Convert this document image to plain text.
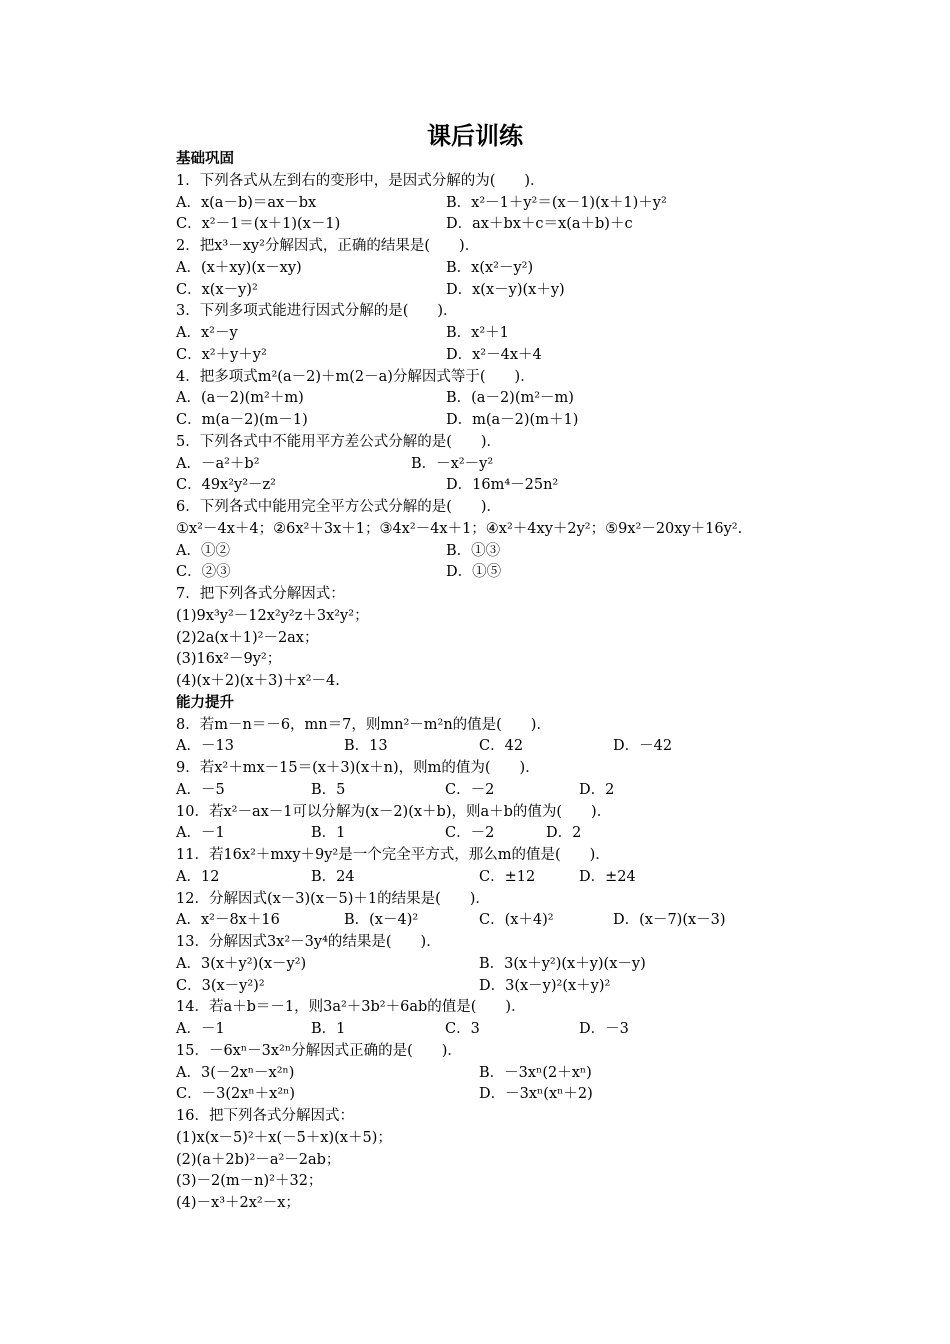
课后训练
基础巩固
1．下列各式从左到右的变形中，是因式分解的为(　　)．
A．x(a－b)＝ax－bx	B．x²－1＋y²＝(x－1)(x＋1)＋y²
C．x²－1＝(x＋1)(x－1)	D．ax＋bx＋c＝x(a＋b)＋c
2．把x³－xy²分解因式，正确的结果是(　　)．
A．(x＋xy)(x－xy)	B．x(x²－y²)
C．x(x－y)²	D．x(x－y)(x＋y)
3．下列多项式能进行因式分解的是(　　)．
A．x²－y	B．x²＋1
C．x²＋y＋y²	D．x²－4x＋4
4．把多项式m²(a－2)＋m(2－a)分解因式等于(　　)．
A．(a－2)(m²＋m)	B．(a－2)(m²－m)
C．m(a－2)(m－1)	D．m(a－2)(m＋1)
5．下列各式中不能用平方差公式分解的是(　　)．
A．－a²＋b²	B．－x²－y²
C．49x²y²－z²	D．16m⁴－25n²
6．下列各式中能用完全平方公式分解的是(　　)．
①x²－4x＋4；②6x²＋3x＋1；③4x²－4x＋1；④x²＋4xy＋2y²；⑤9x²－20xy＋16y².
A．①②	B．①③
C．②③	D．①⑤
7．把下列各式分解因式：
(1)9x³y²－12x²y²z＋3x²y²；
(2)2a(x＋1)²－2ax；
(3)16x²－9y²；
(4)(x＋2)(x＋3)＋x²－4.
能力提升
8．若m－n＝－6，mn＝7，则mn²－m²n的值是(　　)．
A．－13	B．13	C．42	D．－42
9．若x²＋mx－15＝(x＋3)(x＋n)，则m的值为(　　)．
A．－5	B．5	C．－2	D．2
10．若x²－ax－1可以分解为(x－2)(x＋b)，则a＋b的值为(　　)．
A．－1	B．1	C．－2	D．2
11．若16x²＋mxy＋9y²是一个完全平方式，那么m的值是(　　)．
A．12	B．24	C．±12	D．±24
12．分解因式(x－3)(x－5)＋1的结果是(　　)．
A．x²－8x＋16	B．(x－4)²	C．(x＋4)²	D．(x－7)(x－3)
13．分解因式3x²－3y⁴的结果是(　　)．
A．3(x＋y²)(x－y²)	B．3(x＋y²)(x＋y)(x－y)
C．3(x－y²)²	D．3(x－y)²(x＋y)²
14．若a＋b＝－1，则3a²＋3b²＋6ab的值是(　　)．
A．－1	B．1	C．3	D．－3
15．－6xⁿ－3x²ⁿ分解因式正确的是(　　)．
A．3(－2xⁿ－x²ⁿ)	B．－3xⁿ(2＋xⁿ)
C．－3(2xⁿ＋x²ⁿ)	D．－3xⁿ(xⁿ＋2)
16．把下列各式分解因式：
(1)x(x－5)²＋x(－5＋x)(x＋5)；
(2)(a＋2b)²－a²－2ab；
(3)－2(m－n)²＋32；
(4)－x³＋2x²－x；
